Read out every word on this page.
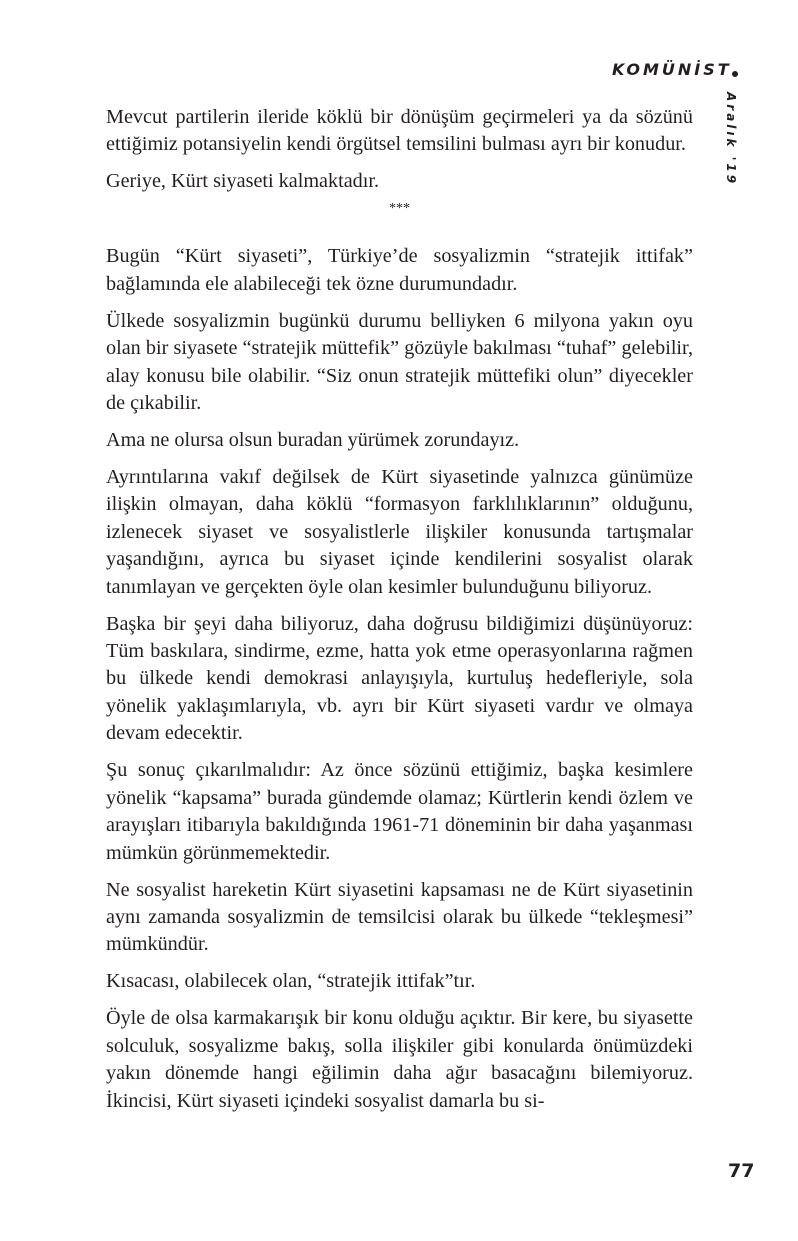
KOMÜNİST
Aralık '19

Mevcut partilerin ileride köklü bir dönüşüm geçirmeleri ya da sözünü ettiğimiz potansiyelin kendi örgütsel temsilini bulması ayrı bir konudur.

Geriye, Kürt siyaseti kalmaktadır.

***

Bugün “Kürt siyaseti”, Türkiye’de sosyalizmin “stratejik ittifak” bağlamında ele alabileceği tek özne durumundadır.

Ülkede sosyalizmin bugünkü durumu belliyken 6 milyona yakın oyu olan bir siyasete “stratejik müttefik” gözüyle bakılması “tuhaf” gelebilir, alay konusu bile olabilir. “Siz onun stratejik müttefiki olun” diyecekler de çıkabilir.

Ama ne olursa olsun buradan yürümek zorundayız.

Ayrıntılarına vakıf değilsek de Kürt siyasetinde yalnızca günümüze ilişkin olmayan, daha köklü “formasyon farklılıklarının” olduğunu, izlenecek siyaset ve sosyalistlerle ilişkiler konusunda tartışmalar yaşandığını, ayrıca bu siyaset içinde kendilerini sosyalist olarak tanımlayan ve gerçekten öyle olan kesimler bulunduğunu biliyoruz.

Başka bir şeyi daha biliyoruz, daha doğrusu bildiğimizi düşünüyoruz: Tüm baskılara, sindirme, ezme, hatta yok etme operasyonlarına rağmen bu ülkede kendi demokrasi anlayışıyla, kurtuluş hedefleriyle, sola yönelik yaklaşımlarıyla, vb. ayrı bir Kürt siyaseti vardır ve olmaya devam edecektir.

Şu sonuç çıkarılmalıdır: Az önce sözünü ettiğimiz, başka kesimlere yönelik “kapsama” burada gündemde olamaz; Kürtlerin kendi özlem ve arayışları itibarıyla bakıldığında 1961-71 döneminin bir daha yaşanması mümkün görünmemektedir.

Ne sosyalist hareketin Kürt siyasetini kapsaması ne de Kürt siyasetinin aynı zamanda sosyalizmin de temsilcisi olarak bu ülkede “tekleşmesi” mümkündür.

Kısacası, olabilecek olan, “stratejik ittifak”tır.

Öyle de olsa karmakarışık bir konu olduğu açıktır. Bir kere, bu siyasette solculuk, sosyalizme bakış, solla ilişkiler gibi konularda önümüzdeki yakın dönemde hangi eğilimin daha ağır basacağını bilemiyoruz. İkincisi, Kürt siyaseti içindeki sosyalist damarla bu si-

77
